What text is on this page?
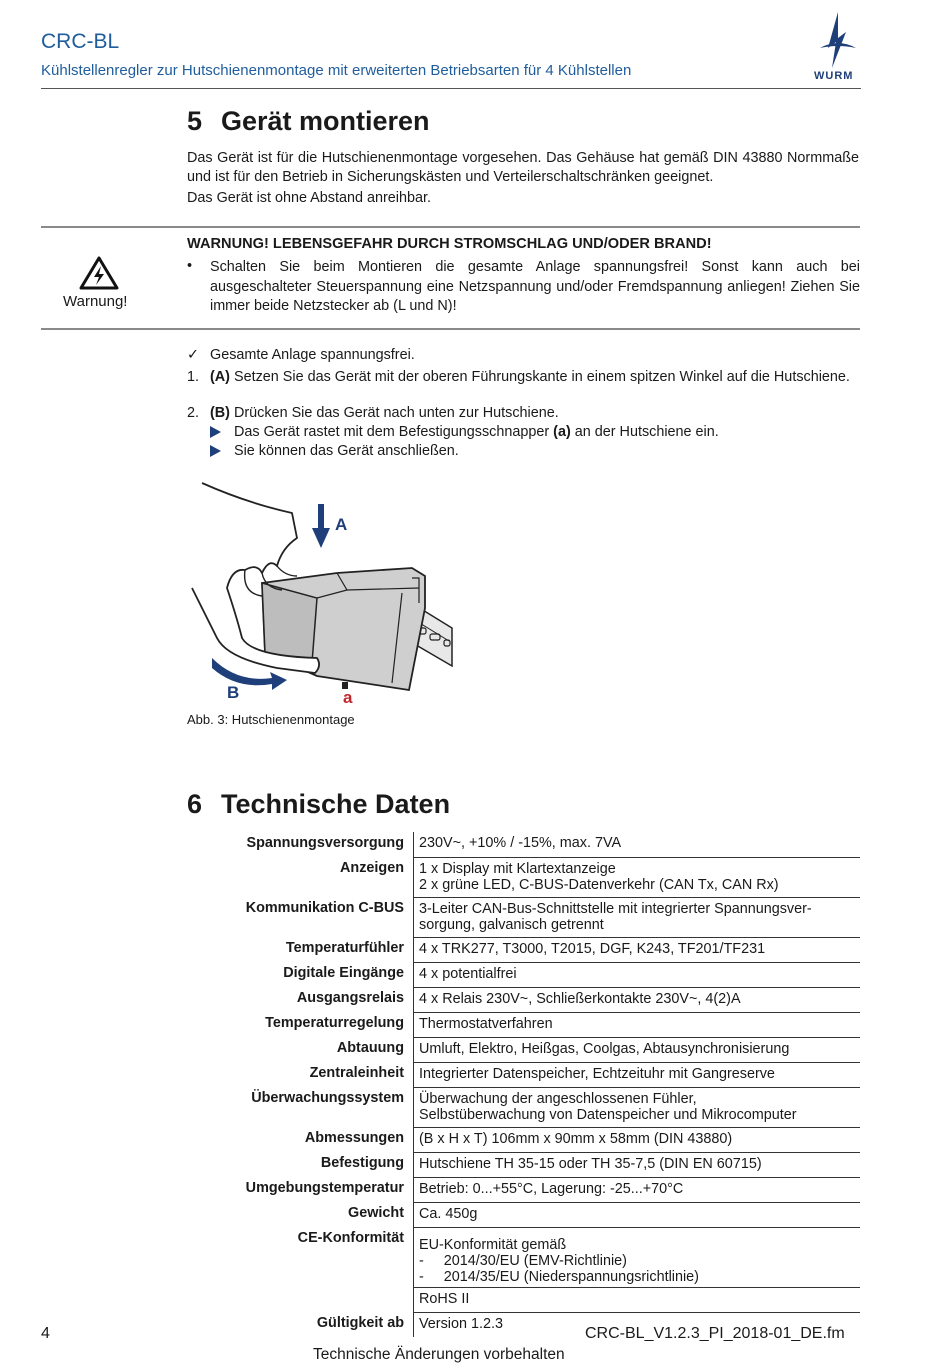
CRC-BL
Kühlstellenregler zur Hutschienenmontage mit erweiterten Betriebsarten für 4 Kühlstellen	WURM
5 Gerät montieren
Das Gerät ist für die Hutschienenmontage vorgesehen. Das Gehäuse hat gemäß DIN 43880 Normmaße und ist für den Betrieb in Sicherungskästen und Verteilerschaltschränken geeignet.
Das Gerät ist ohne Abstand anreihbar.
Warnung!
WARNUNG! LEBENSGEFAHR DURCH STROMSCHLAG UND/ODER BRAND!
• Schalten Sie beim Montieren die gesamte Anlage spannungsfrei! Sonst kann auch bei ausgeschalteter Steuerspannung eine Netzspannung und/oder Fremdspannung anliegen! Ziehen Sie immer beide Netzstecker ab (L und N)!
✓ Gesamte Anlage spannungsfrei.
1. (A) Setzen Sie das Gerät mit der oberen Führungskante in einem spitzen Winkel auf die Hutschiene.
2. (B) Drücken Sie das Gerät nach unten zur Hutschiene.
Das Gerät rastet mit dem Befestigungsschnapper (a) an der Hutschiene ein.
Sie können das Gerät anschließen.
A
B	a
Abb. 3: Hutschienenmontage
6 Technische Daten
Spannungsversorgung	230V~, +10% / -15%, max. 7VA

Anzeigen	1 x Display mit Klartextanzeige
2 x grüne LED, C-BUS-Datenverkehr (CAN Tx, CAN Rx)

Kommunikation C-BUS	3-Leiter CAN-Bus-Schnittstelle mit integrierter Spannungsver-
sorgung, galvanisch getrennt

Temperaturfühler	4 x TRK277, T3000, T2015, DGF, K243, TF201/TF231

Digitale Eingänge	4 x potentialfrei

Ausgangsrelais	4 x Relais 230V~, Schließerkontakte 230V~, 4(2)A

Temperaturregelung	Thermostatverfahren

Abtauung	Umluft, Elektro, Heißgas, Coolgas, Abtausynchronisierung

Zentraleinheit	Integrierter Datenspeicher, Echtzeituhr mit Gangreserve

Überwachungssystem	Überwachung der angeschlossenen Fühler,
Selbstüberwachung von Datenspeicher und Mikrocomputer

Abmessungen	(B x H x T) 106mm x 90mm x 58mm (DIN 43880)

Befestigung	Hutschiene TH 35-15 oder TH 35-7,5 (DIN EN 60715)

Umgebungstemperatur	Betrieb: 0...+55°C, Lagerung: -25...+70°C

Gewicht	Ca. 450g

CE-Konformität	EU-Konformität gemäß
-     2014/30/EU (EMV-Richtlinie)
-     2014/35/EU (Niederspannungsrichtlinie)

	RoHS II

Gültigkeit ab	Version 1.2.3
4	CRC-BL_V1.2.3_PI_2018-01_DE.fm
Technische Änderungen vorbehalten
